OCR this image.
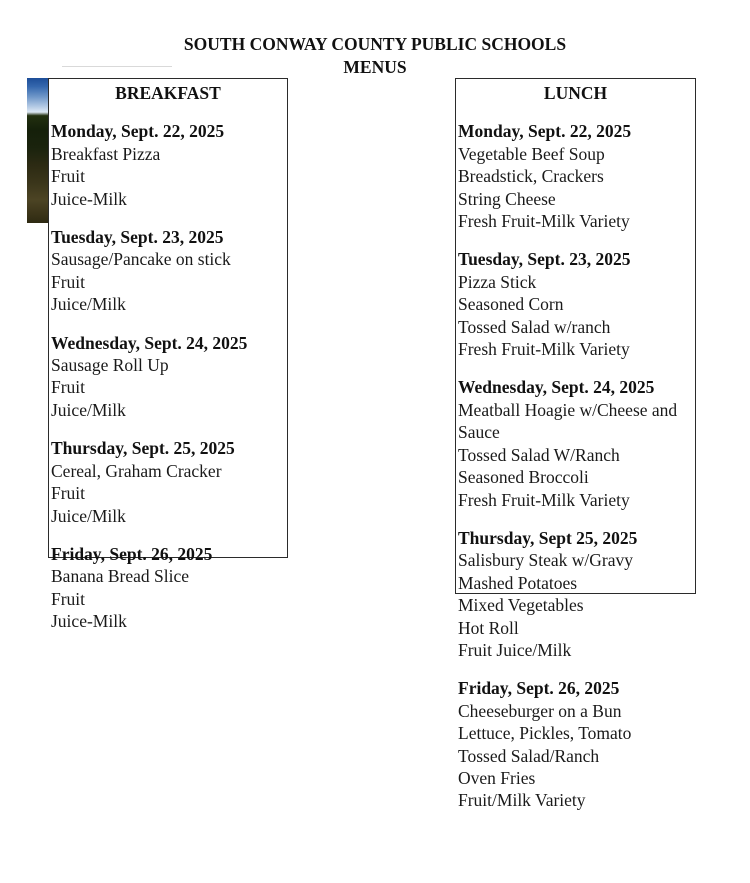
SOUTH CONWAY COUNTY PUBLIC SCHOOLS
MENUS
BREAKFAST
Monday, Sept. 22, 2025
Breakfast Pizza
Fruit
Juice-Milk
Tuesday, Sept. 23, 2025
Sausage/Pancake on stick
Fruit
Juice/Milk
Wednesday, Sept. 24, 2025
Sausage Roll Up
Fruit
Juice/Milk
Thursday, Sept. 25, 2025
Cereal, Graham Cracker
Fruit
Juice/Milk
Friday, Sept. 26, 2025
Banana Bread Slice
Fruit
Juice-Milk
LUNCH
Monday, Sept. 22, 2025
Vegetable Beef Soup
Breadstick, Crackers
String Cheese
Fresh Fruit-Milk Variety
Tuesday, Sept. 23, 2025
Pizza Stick
Seasoned Corn
Tossed Salad w/ranch
Fresh Fruit-Milk Variety
Wednesday, Sept. 24, 2025
Meatball Hoagie w/Cheese and Sauce
Tossed Salad W/Ranch
Seasoned Broccoli
Fresh Fruit-Milk Variety
Thursday, Sept 25, 2025
Salisbury Steak w/Gravy
Mashed Potatoes
Mixed Vegetables
Hot Roll
Fruit Juice/Milk
Friday, Sept. 26, 2025
Cheeseburger on a Bun
Lettuce, Pickles, Tomato
Tossed Salad/Ranch
Oven Fries
Fruit/Milk Variety
